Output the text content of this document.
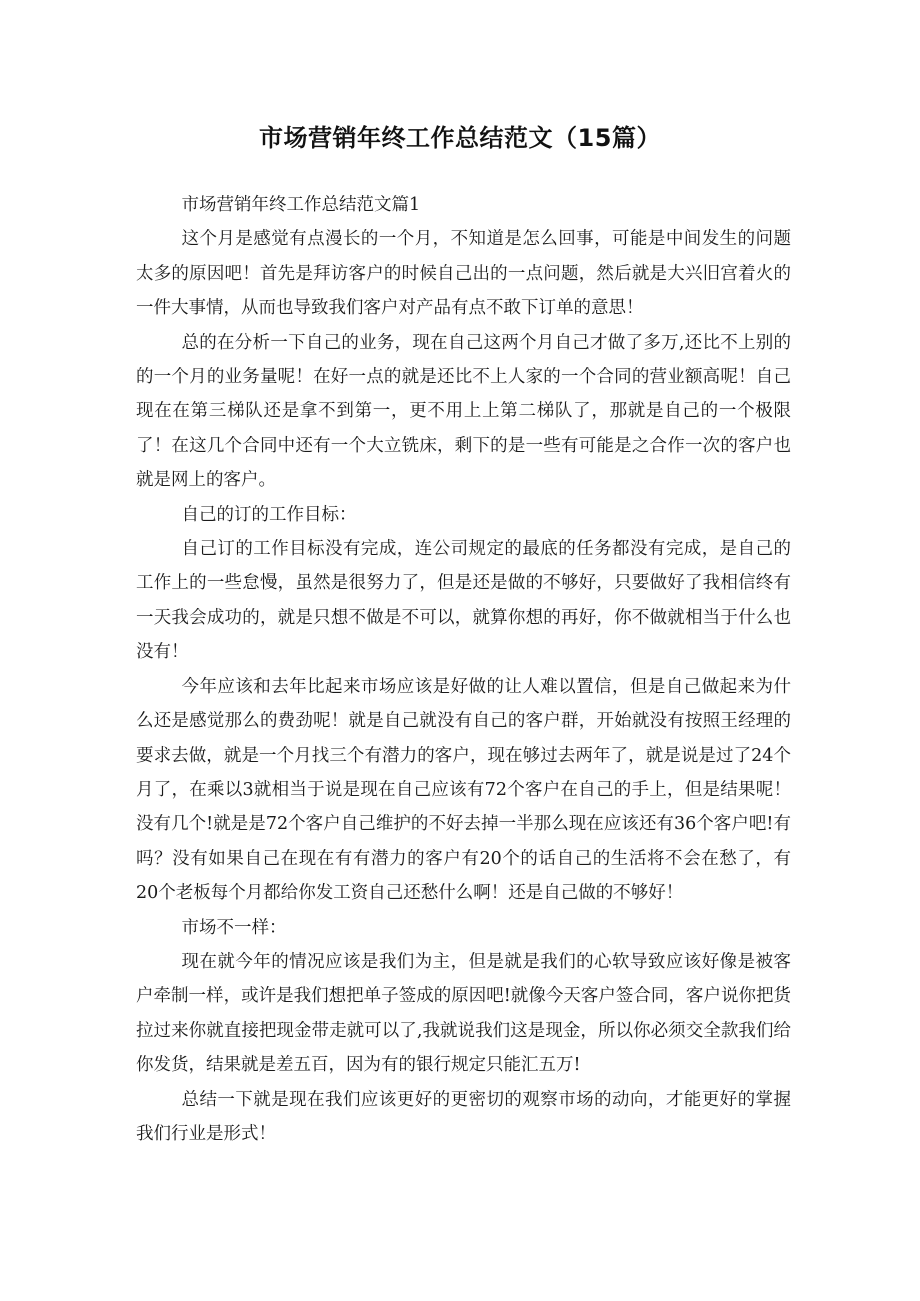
市场营销年终工作总结范文（15篇）

市场营销年终工作总结范文篇1

这个月是感觉有点漫长的一个月，不知道是怎么回事，可能是中间发生的问题太多的原因吧！首先是拜访客户的时候自己出的一点问题，然后就是大兴旧宫着火的一件大事情，从而也导致我们客户对产品有点不敢下订单的意思！

总的在分析一下自己的业务，现在自己这两个月自己才做了多万,还比不上别的的一个月的业务量呢！在好一点的就是还比不上人家的一个合同的营业额高呢！自己现在在第三梯队还是拿不到第一，更不用上上第二梯队了，那就是自己的一个极限了！在这几个合同中还有一个大立铣床，剩下的是一些有可能是之合作一次的客户也就是网上的客户。

自己的订的工作目标：

自己订的工作目标没有完成，连公司规定的最底的任务都没有完成，是自己的工作上的一些怠慢，虽然是很努力了，但是还是做的不够好，只要做好了我相信终有一天我会成功的，就是只想不做是不可以，就算你想的再好，你不做就相当于什么也没有！

今年应该和去年比起来市场应该是好做的让人难以置信，但是自己做起来为什么还是感觉那么的费劲呢！就是自己就没有自己的客户群，开始就没有按照王经理的要求去做，就是一个月找三个有潜力的客户，现在够过去两年了，就是说是过了24个月了，在乘以3就相当于说是现在自己应该有72个客户在自己的手上，但是结果呢！没有几个!就是是72个客户自己维护的不好去掉一半那么现在应该还有36个客户吧!有吗？没有如果自己在现在有有潜力的客户有20个的话自己的生活将不会在愁了，有20个老板每个月都给你发工资自己还愁什么啊！还是自己做的不够好！

市场不一样：

现在就今年的情况应该是我们为主，但是就是我们的心软导致应该好像是被客户牵制一样，或许是我们想把单子签成的原因吧!就像今天客户签合同，客户说你把货拉过来你就直接把现金带走就可以了,我就说我们这是现金，所以你必须交全款我们给你发货，结果就是差五百，因为有的银行规定只能汇五万!

总结一下就是现在我们应该更好的更密切的观察市场的动向，才能更好的掌握我们行业是形式！
